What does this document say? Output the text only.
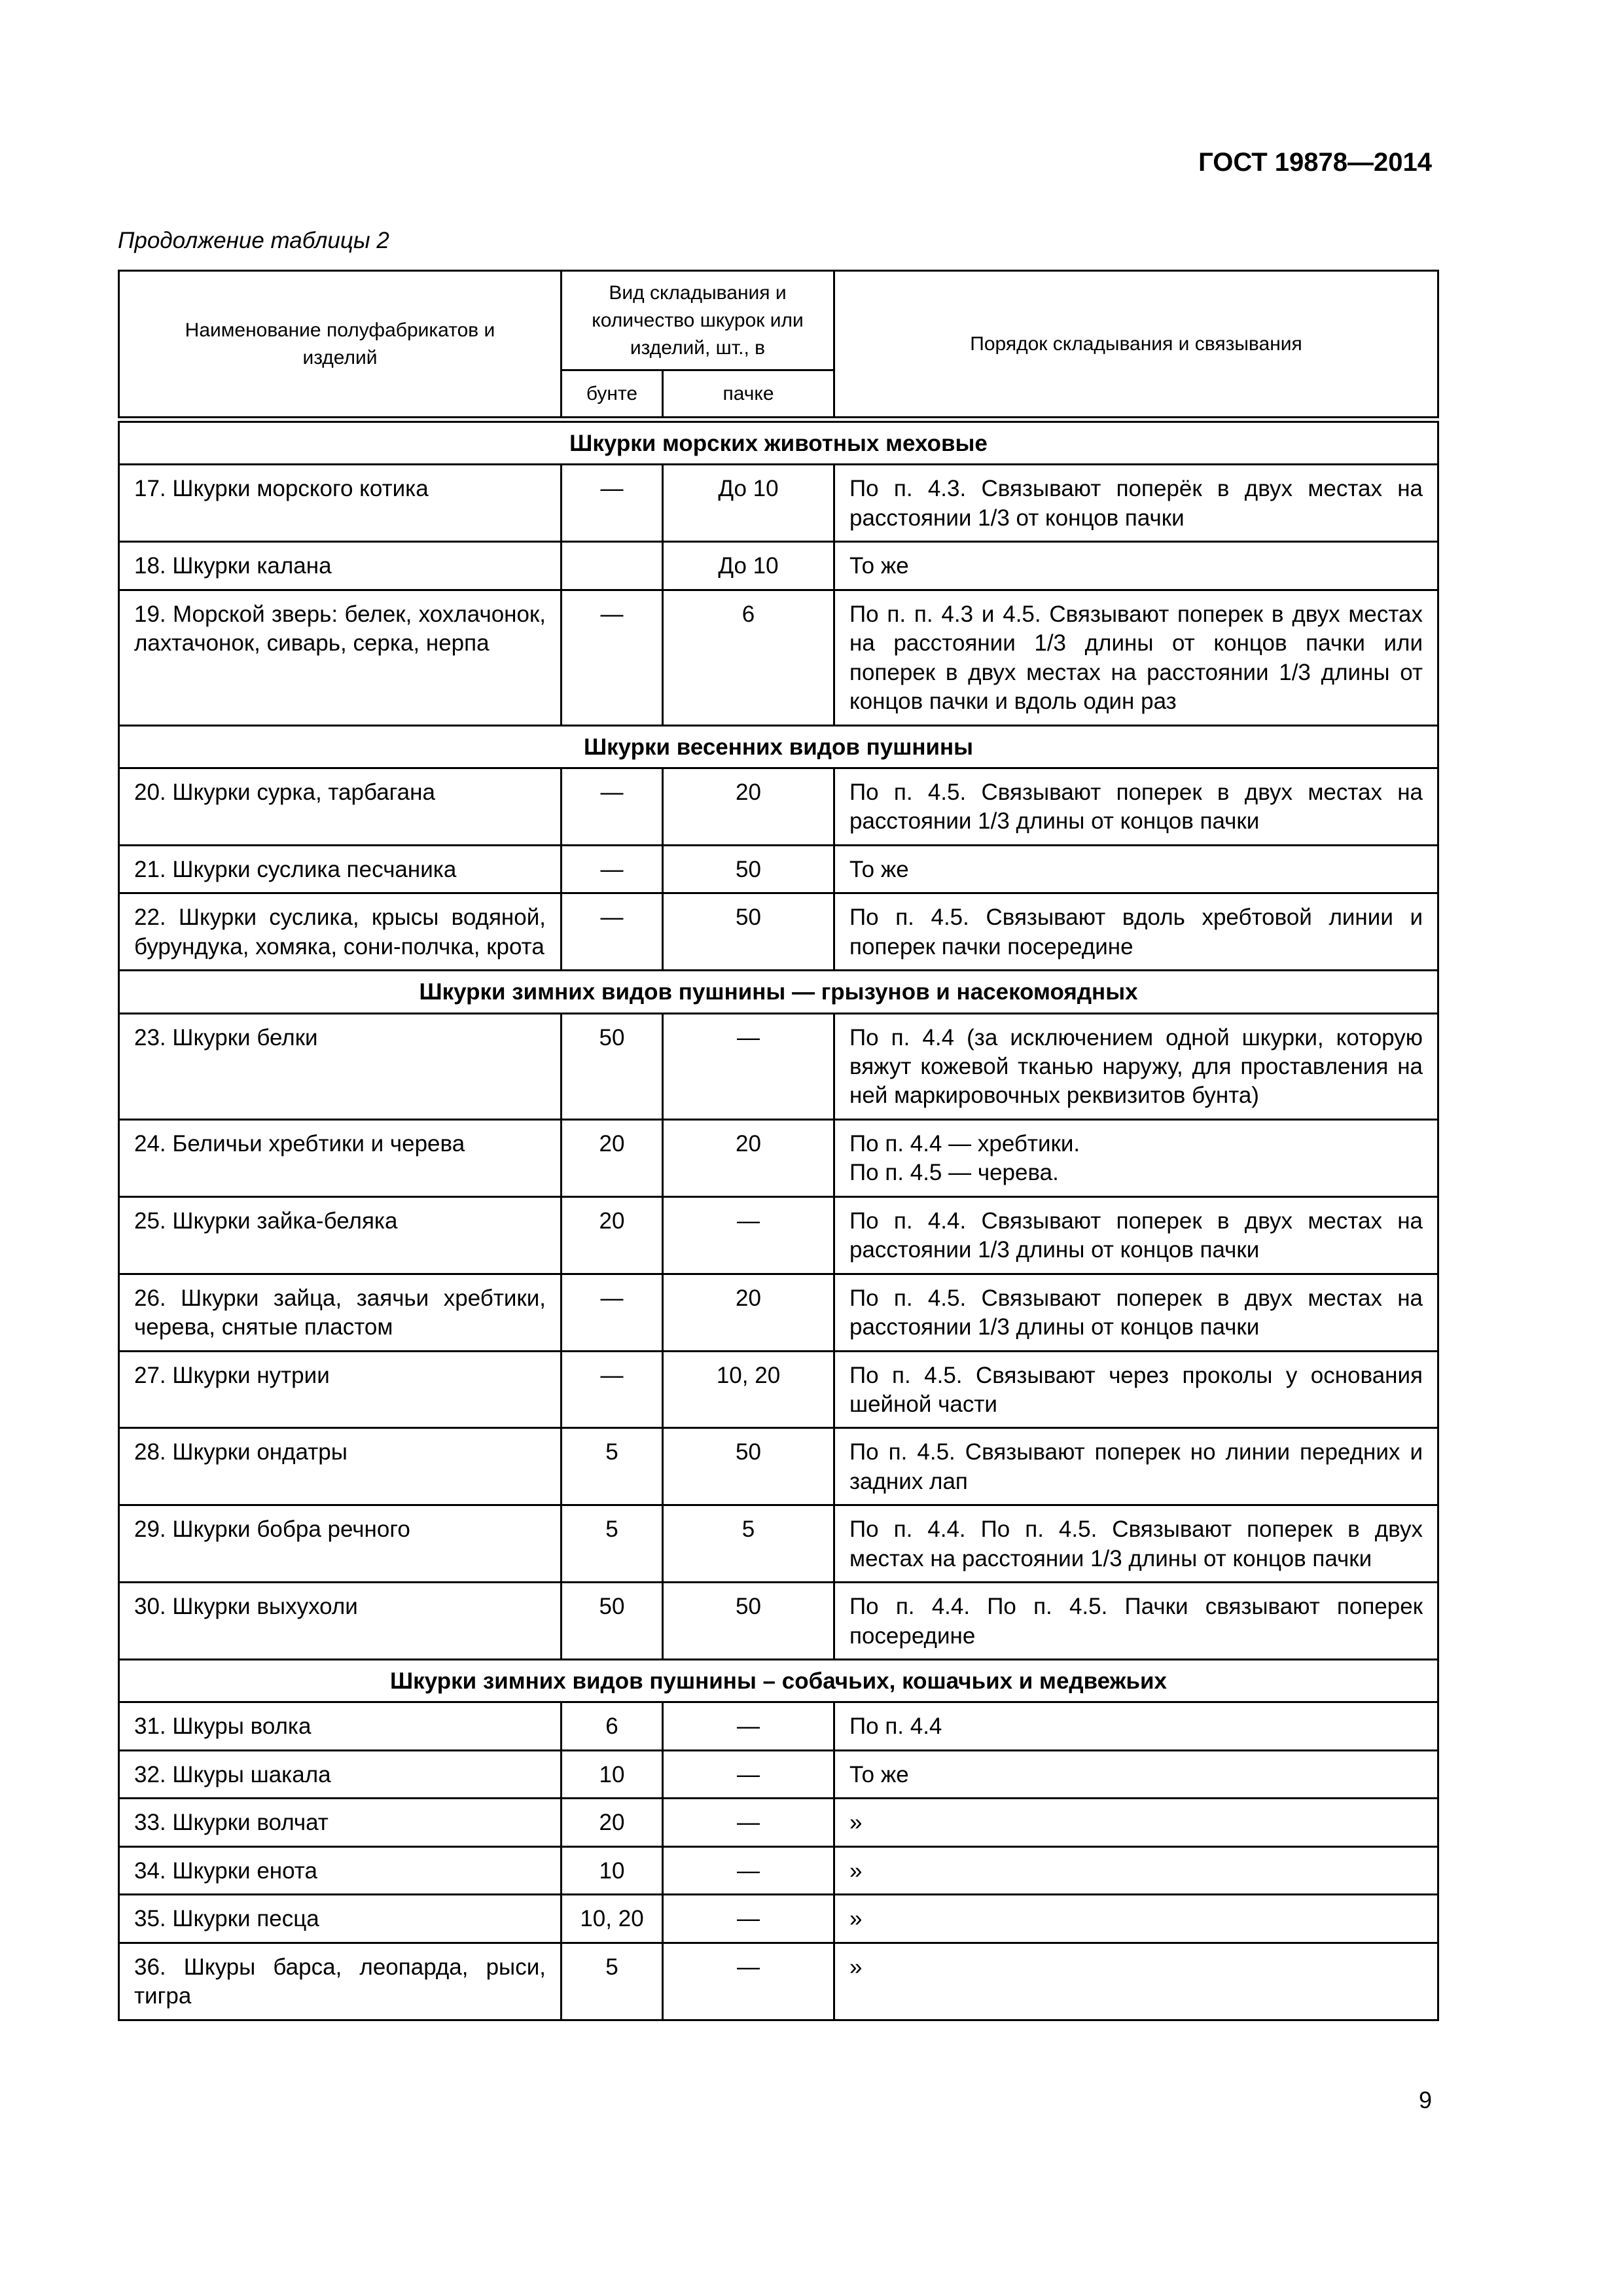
ГОСТ 19878—2014
Продолжение таблицы 2
Наименование полуфабрикатов и изделий	Вид складывания и количество шкурок или изделий, шт., в		Порядок складывания и связывания
	бунте	пачке	
Шкурки морских животных меховые			
17. Шкурки морского котика	—	До 10	По п. 4.3. Связывают поперёк в двух местах на расстоянии 1/3 от концов пачки
18. Шкурки калана		До 10	То же
19. Морской зверь: белек, хохлачонок, лахтачонок, сиварь, серка, нерпа	—	6	По п. п. 4.3 и 4.5. Связывают поперек в двух местах на расстоянии 1/3 длины от концов пачки или поперек в двух местах на расстоянии 1/3 длины от концов пачки и вдоль один раз
Шкурки весенних видов пушнины			
20. Шкурки сурка, тарбагана	—	20	По п. 4.5. Связывают поперек в двух местах на расстоянии 1/3 длины от концов пачки
21. Шкурки суслика песчаника	—	50	То же
22. Шкурки суслика, крысы водяной, бурундука, хомяка, сони-полчка, крота	—	50	По п. 4.5. Связывают вдоль хребтовой линии и поперек пачки посередине
Шкурки зимних видов пушнины — грызунов и насекомоядных			
23. Шкурки белки	50	—	По п. 4.4 (за исключением одной шкурки, которую вяжут кожевой тканью наружу, для проставления на ней маркировочных реквизитов бунта)
24. Беличьи хребтики и черева	20	20	По п. 4.4 — хребтики.
По п. 4.5 — черева.
25. Шкурки зайка-беляка	20	—	По п. 4.4. Связывают поперек в двух местах на расстоянии 1/3 длины от концов пачки
26. Шкурки зайца, заячьи хребтики, черева, снятые пластом	—	20	По п. 4.5. Связывают поперек в двух местах на расстоянии 1/3 длины от концов пачки
27. Шкурки нутрии	—	10, 20	По п. 4.5. Связывают через проколы у основания шейной части
28. Шкурки ондатры	5	50	По п. 4.5. Связывают поперек но линии передних и задних лап
29. Шкурки бобра речного	5	5	По п. 4.4. По п. 4.5. Связывают поперек в двух местах на расстоянии 1/3 длины от концов пачки
30. Шкурки выхухоли	50	50	По п. 4.4. По п. 4.5. Пачки связывают поперек посередине
Шкурки зимних видов пушнины – собачьих, кошачьих и медвежьих			
31. Шкуры волка	6	—	По п. 4.4
32. Шкуры шакала	10	—	То же
33. Шкурки волчат	20	—	»
34. Шкурки енота	10	—	»
35. Шкурки песца	10, 20	—	»
36. Шкуры барса, леопарда, рыси, тигра	5	—	»
9
